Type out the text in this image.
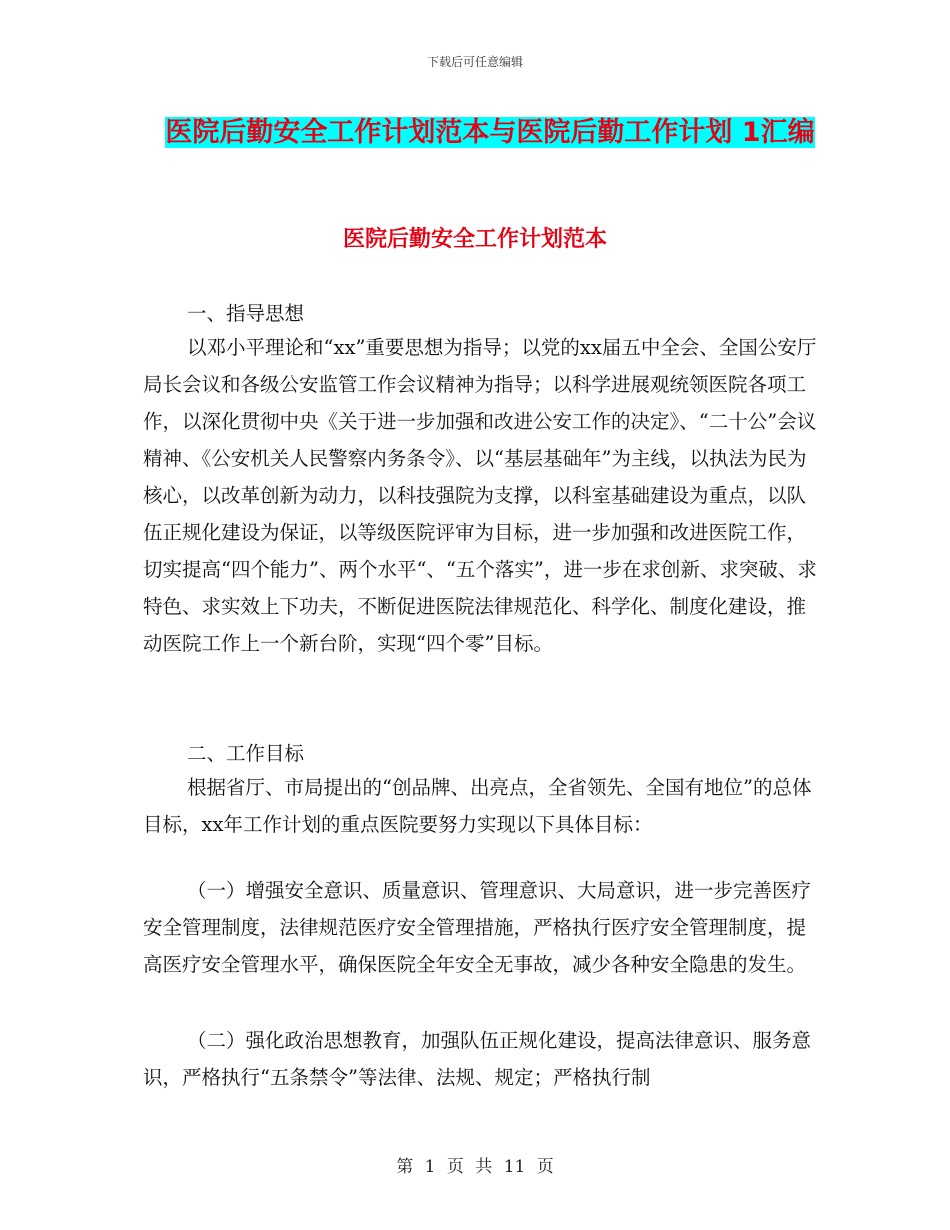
下载后可任意编辑
医院后勤安全工作计划范本与医院后勤工作计划 1汇编
医院后勤安全工作计划范本
一、指导思想
以邓小平理论和“xx”重要思想为指导；以党的xx届五中全会、全国公安厅局长会议和各级公安监管工作会议精神为指导；以科学进展观统领医院各项工作，以深化贯彻中央《关于进一步加强和改进公安工作的决定》、“二十公”会议精神、《公安机关人民警察内务条令》、以“基层基础年”为主线，以执法为民为核心，以改革创新为动力，以科技强院为支撑，以科室基础建设为重点，以队伍正规化建设为保证，以等级医院评审为目标，进一步加强和改进医院工作，切实提高“四个能力”、两个水平“、“五个落实”，进一步在求创新、求突破、求特色、求实效上下功夫，不断促进医院法律规范化、科学化、制度化建设，推动医院工作上一个新台阶，实现“四个零”目标。
二、工作目标
根据省厅、市局提出的“创品牌、出亮点，全省领先、全国有地位”的总体目标，xx年工作计划的重点医院要努力实现以下具体目标：
（一）增强安全意识、质量意识、管理意识、大局意识，进一步完善医疗安全管理制度，法律规范医疗安全管理措施，严格执行医疗安全管理制度，提高医疗安全管理水平，确保医院全年安全无事故，减少各种安全隐患的发生。
（二）强化政治思想教育，加强队伍正规化建设，提高法律意识、服务意识，严格执行“五条禁令”等法律、法规、规定；严格执行制
第 1 页 共 11 页
